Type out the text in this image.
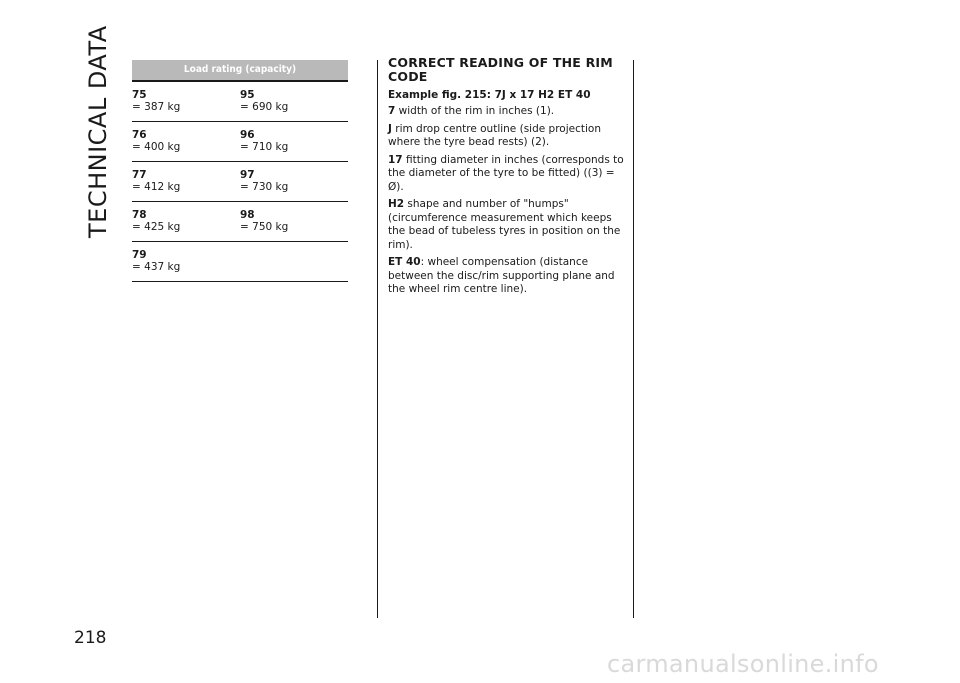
TECHNICAL DATA	Load rating (capacity)
75
= 387 kg
95
= 690 kg
76
= 400 kg
96
= 710 kg
77
= 412 kg
97
= 730 kg
78
= 425 kg
98
= 750 kg
79
= 437 kg
CORRECT READING OF THE RIM CODE

Example fig. 215: 7J x 17 H2 ET 40

7 width of the rim in inches (1).

J rim drop centre outline (side projection where the tyre bead rests) (2).

17 fitting diameter in inches (corresponds to the diameter of the tyre to be fitted) ((3) = Ø).

H2 shape and number of "humps" (circumference measurement which keeps the bead of tubeless tyres in position on the rim).

ET 40: wheel compensation (distance between the disc/rim supporting plane and the wheel rim centre line).

218
carmanualsonline.info
